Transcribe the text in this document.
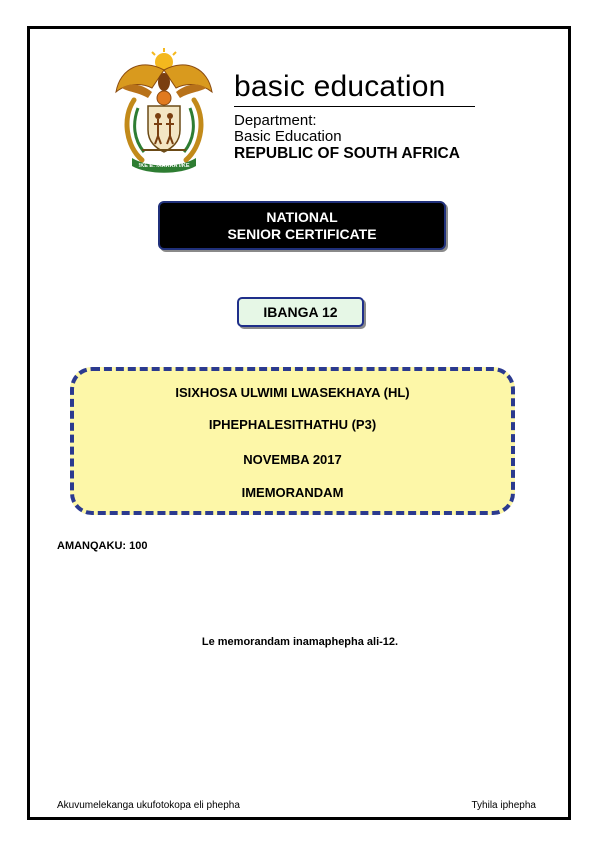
!KE E: /XARRA //KE
basic education
Department:
Basic Education
REPUBLIC OF SOUTH AFRICA
NATIONAL
SENIOR CERTIFICATE
IBANGA 12
ISIXHOSA ULWIMI LWASEKHAYA (HL)
IPHEPHALESITHATHU (P3)
NOVEMBA 2017
IMEMORANDAM
AMANQAKU: 100
Le memorandam inamaphepha ali-12.
Akuvumelekanga ukufotokopa eli phepha	Tyhila iphepha
